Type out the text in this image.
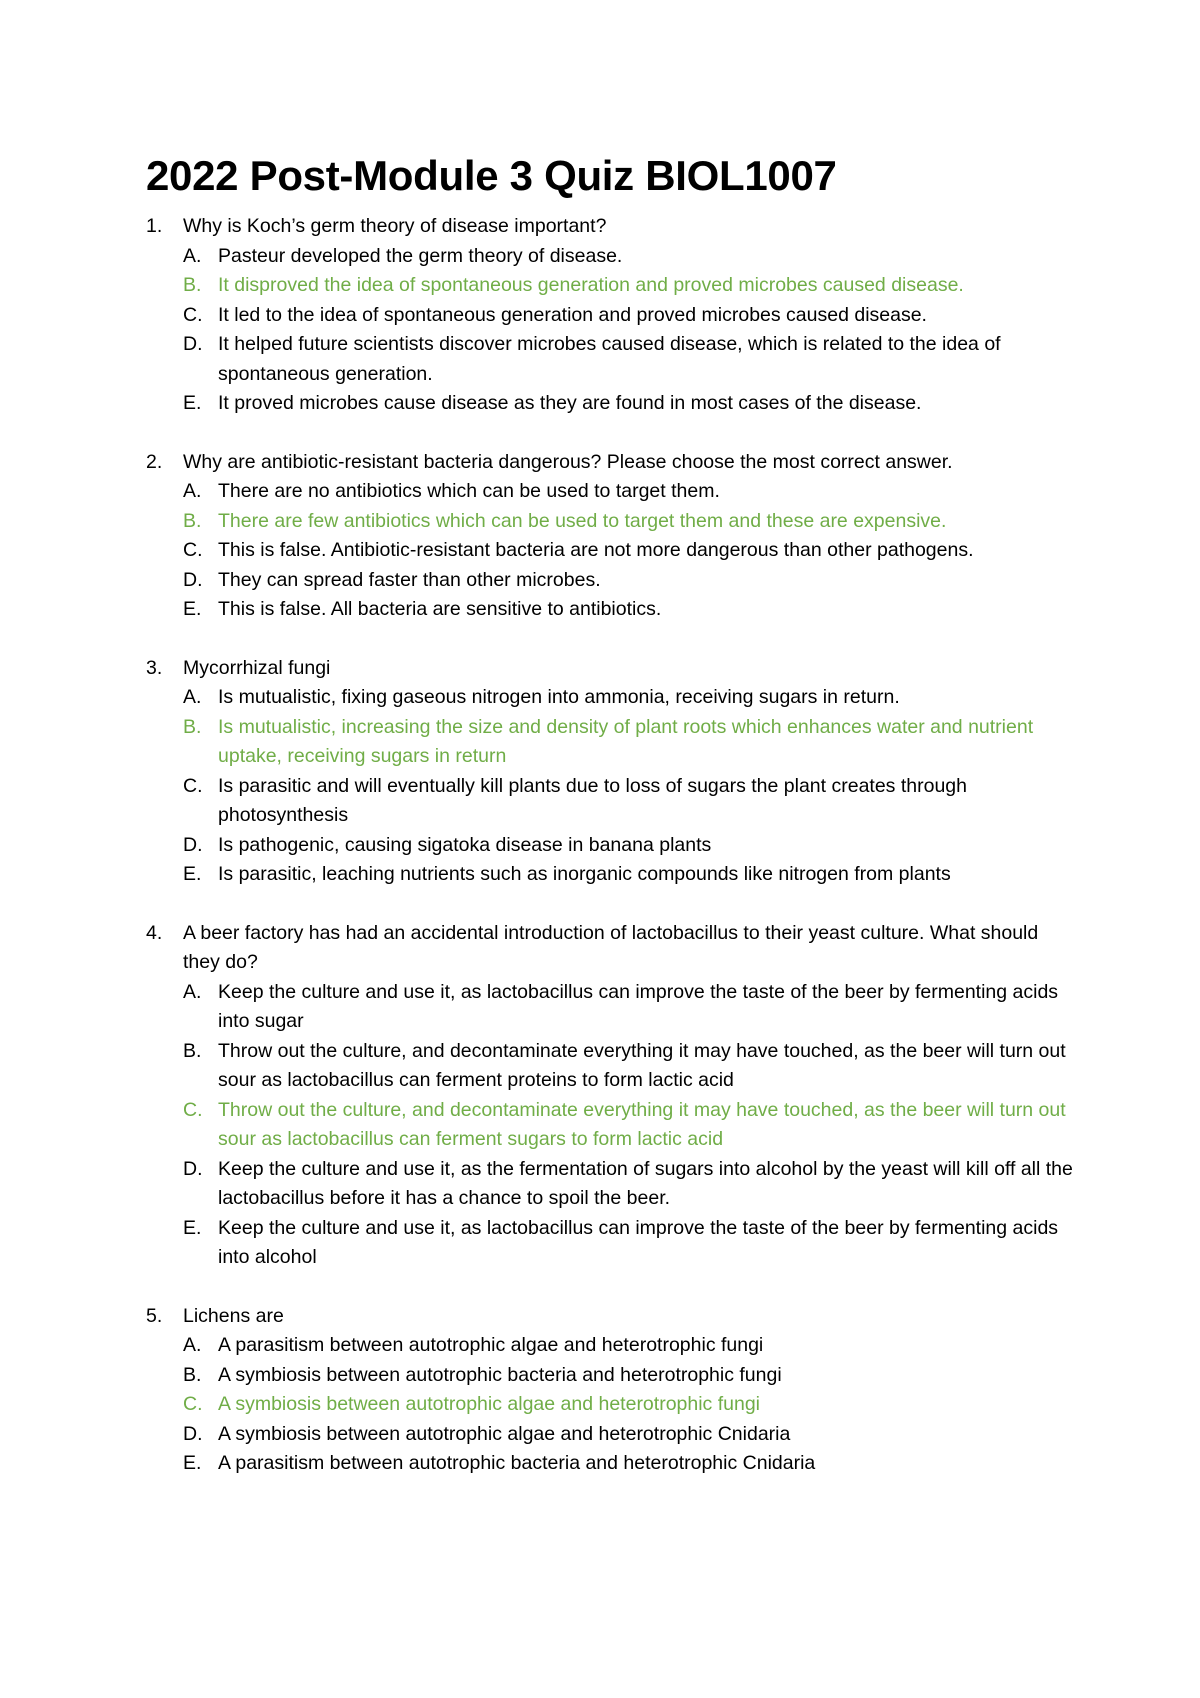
2022 Post-Module 3 Quiz BIOL1007
1.	Why is Koch’s germ theory of disease important?
A. Pasteur developed the germ theory of disease.
B. It disproved the idea of spontaneous generation and proved microbes caused disease.
C. It led to the idea of spontaneous generation and proved microbes caused disease.
D. It helped future scientists discover microbes caused disease, which is related to the idea of spontaneous generation.
E. It proved microbes cause disease as they are found in most cases of the disease.
2.	Why are antibiotic-resistant bacteria dangerous? Please choose the most correct answer.
A. There are no antibiotics which can be used to target them.
B. There are few antibiotics which can be used to target them and these are expensive.
C. This is false. Antibiotic-resistant bacteria are not more dangerous than other pathogens.
D. They can spread faster than other microbes.
E. This is false. All bacteria are sensitive to antibiotics.
3.	Mycorrhizal fungi
A. Is mutualistic, fixing gaseous nitrogen into ammonia, receiving sugars in return.
B. Is mutualistic, increasing the size and density of plant roots which enhances water and nutrient uptake, receiving sugars in return
C. Is parasitic and will eventually kill plants due to loss of sugars the plant creates through photosynthesis
D. Is pathogenic, causing sigatoka disease in banana plants
E. Is parasitic, leaching nutrients such as inorganic compounds like nitrogen from plants
4.	A beer factory has had an accidental introduction of lactobacillus to their yeast culture. What should they do?
A. Keep the culture and use it, as lactobacillus can improve the taste of the beer by fermenting acids into sugar
B. Throw out the culture, and decontaminate everything it may have touched, as the beer will turn out sour as lactobacillus can ferment proteins to form lactic acid
C. Throw out the culture, and decontaminate everything it may have touched, as the beer will turn out sour as lactobacillus can ferment sugars to form lactic acid
D. Keep the culture and use it, as the fermentation of sugars into alcohol by the yeast will kill off all the lactobacillus before it has a chance to spoil the beer.
E. Keep the culture and use it, as lactobacillus can improve the taste of the beer by fermenting acids into alcohol
5.	Lichens are
A. A parasitism between autotrophic algae and heterotrophic fungi
B. A symbiosis between autotrophic bacteria and heterotrophic fungi
C. A symbiosis between autotrophic algae and heterotrophic fungi
D. A symbiosis between autotrophic algae and heterotrophic Cnidaria
E. A parasitism between autotrophic bacteria and heterotrophic Cnidaria
